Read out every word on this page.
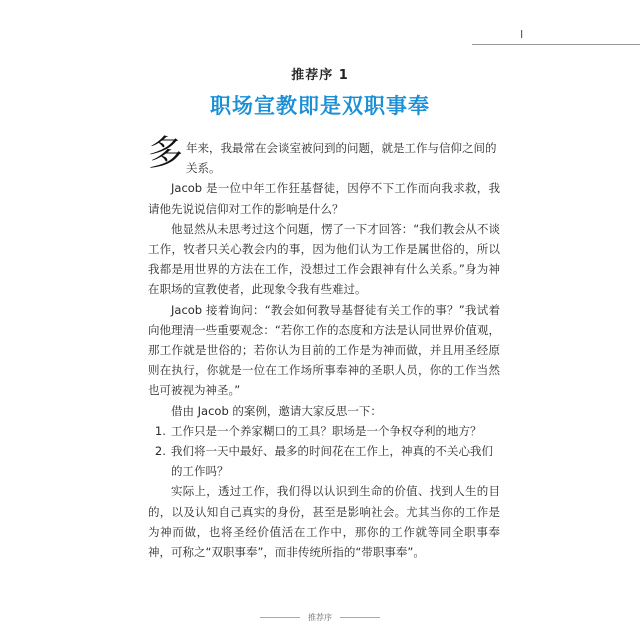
I
推荐序 1
职场宣教即是双职事奉
多 年来，我最常在会谈室被问到的问题，就是工作与信仰之间的关系。

Jacob 是一位中年工作狂基督徒，因停不下工作而向我求救，我请他先说说信仰对工作的影响是什么？

他显然从未思考过这个问题，愣了一下才回答：“我们教会从不谈工作，牧者只关心教会内的事，因为他们认为工作是属世俗的，所以我都是用世界的方法在工作，没想过工作会跟神有什么关系。”身为神在职场的宣教使者，此现象令我有些难过。

Jacob 接着询问：“教会如何教导基督徒有关工作的事？”我试着向他理清一些重要观念：“若你工作的态度和方法是认同世界价值观，那工作就是世俗的；若你认为目前的工作是为神而做，并且用圣经原则在执行，你就是一位在工作场所事奉神的圣职人员，你的工作当然也可被视为神圣。”

借由 Jacob 的案例，邀请大家反思一下：

1. 工作只是一个养家糊口的工具？职场是一个争权夺利的地方？
2. 我们将一天中最好、最多的时间花在工作上，神真的不关心我们的工作吗？

实际上，透过工作，我们得以认识到生命的价值、找到人生的目的，以及认知自己真实的身份，甚至是影响社会。尤其当你的工作是为神而做，也将圣经价值活在工作中，那你的工作就等同全职事奉神，可称之“双职事奉”，而非传统所指的“带职事奉”。

推荐序
